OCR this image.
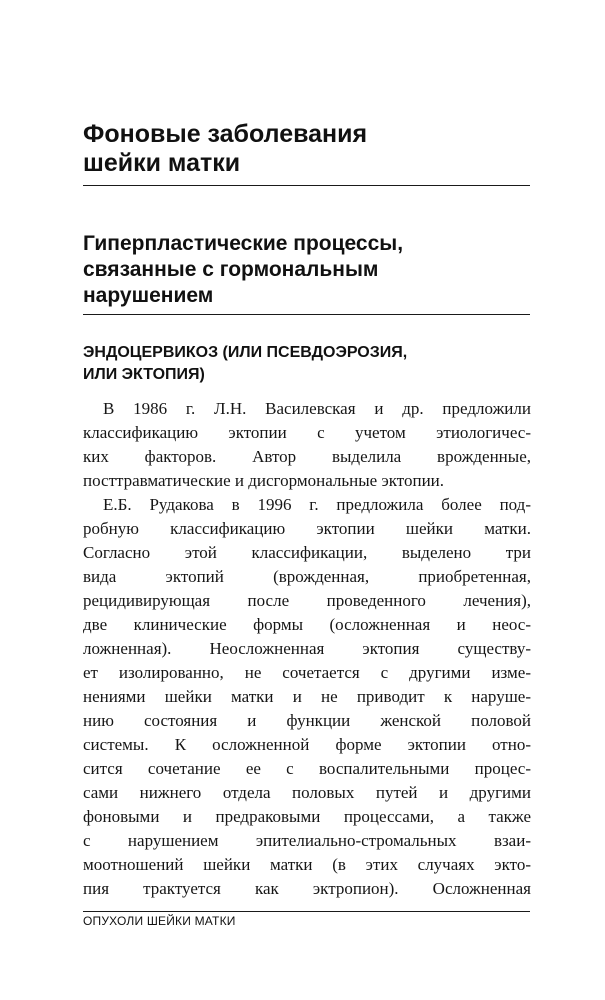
Фоновые заболевания
шейки матки
Гиперпластические процессы,
связанные с гормональным
нарушением
ЭНДОЦЕРВИКОЗ (ИЛИ ПСЕВДОЭРОЗИЯ,
ИЛИ ЭКТОПИЯ)
В 1986 г. Л.Н. Василевская и др. предложили
классификацию эктопии с учетом этиологичес-
ких факторов. Автор выделила врожденные,
посттравматические и дисгормональные эктопии.
Е.Б. Рудакова в 1996 г. предложила более под-
робную классификацию эктопии шейки матки.
Согласно этой классификации, выделено три
вида эктопий (врожденная, приобретенная,
рецидивирующая после проведенного лечения),
две клинические формы (осложненная и неос-
ложненная). Неосложненная эктопия существу-
ет изолированно, не сочетается с другими изме-
нениями шейки матки и не приводит к наруше-
нию состояния и функции женской половой
системы. К осложненной форме эктопии отно-
сится сочетание ее с воспалительными процес-
сами нижнего отдела половых путей и другими
фоновыми и предраковыми процессами, а также
с нарушением эпителиально-стромальных взаи-
моотношений шейки матки (в этих случаях экто-
пия трактуется как эктропион). Осложненная
ОПУХОЛИ ШЕЙКИ МАТКИ
